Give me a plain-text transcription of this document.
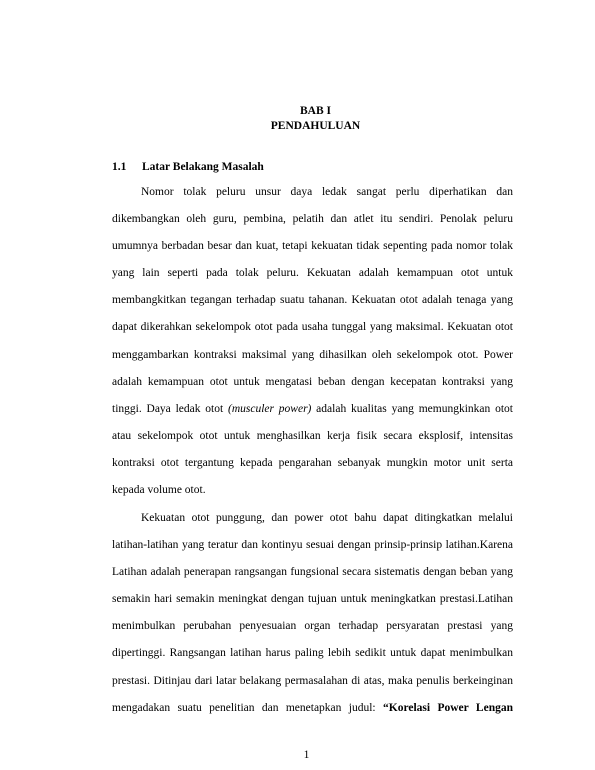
BAB I

PENDAHULUAN

1.1 Latar Belakang Masalah

Nomor tolak peluru unsur daya ledak sangat perlu diperhatikan dan
dikembangkan oleh guru, pembina, pelatih dan atlet itu sendiri. Penolak peluru
umumnya berbadan besar dan kuat, tetapi kekuatan tidak sepenting pada nomor tolak
yang lain seperti pada tolak peluru. Kekuatan adalah kemampuan otot untuk
membangkitkan tegangan terhadap suatu tahanan. Kekuatan otot adalah tenaga yang
dapat dikerahkan sekelompok otot pada usaha tunggal yang maksimal. Kekuatan otot
menggambarkan kontraksi maksimal yang dihasilkan oleh sekelompok otot. Power
adalah kemampuan otot untuk mengatasi beban dengan kecepatan kontraksi yang
tinggi. Daya ledak otot (musculer power) adalah kualitas yang memungkinkan otot
atau sekelompok otot untuk menghasilkan kerja fisik secara eksplosif, intensitas
kontraksi otot tergantung kepada pengarahan sebanyak mungkin motor unit serta
kepada volume otot.
Kekuatan otot punggung, dan power otot bahu dapat ditingkatkan melalui
latihan-latihan yang teratur dan kontinyu sesuai dengan prinsip-prinsip latihan.Karena
Latihan adalah penerapan rangsangan fungsional secara sistematis dengan beban yang
semakin hari semakin meningkat dengan tujuan untuk meningkatkan prestasi.Latihan
menimbulkan perubahan penyesuaian organ terhadap persyaratan prestasi yang
dipertinggi. Rangsangan latihan harus paling lebih sedikit untuk dapat menimbulkan
prestasi. Ditinjau dari latar belakang permasalahan di atas, maka penulis berkeinginan
mengadakan suatu penelitian dan menetapkan judul: “Korelasi Power Lengan
1
